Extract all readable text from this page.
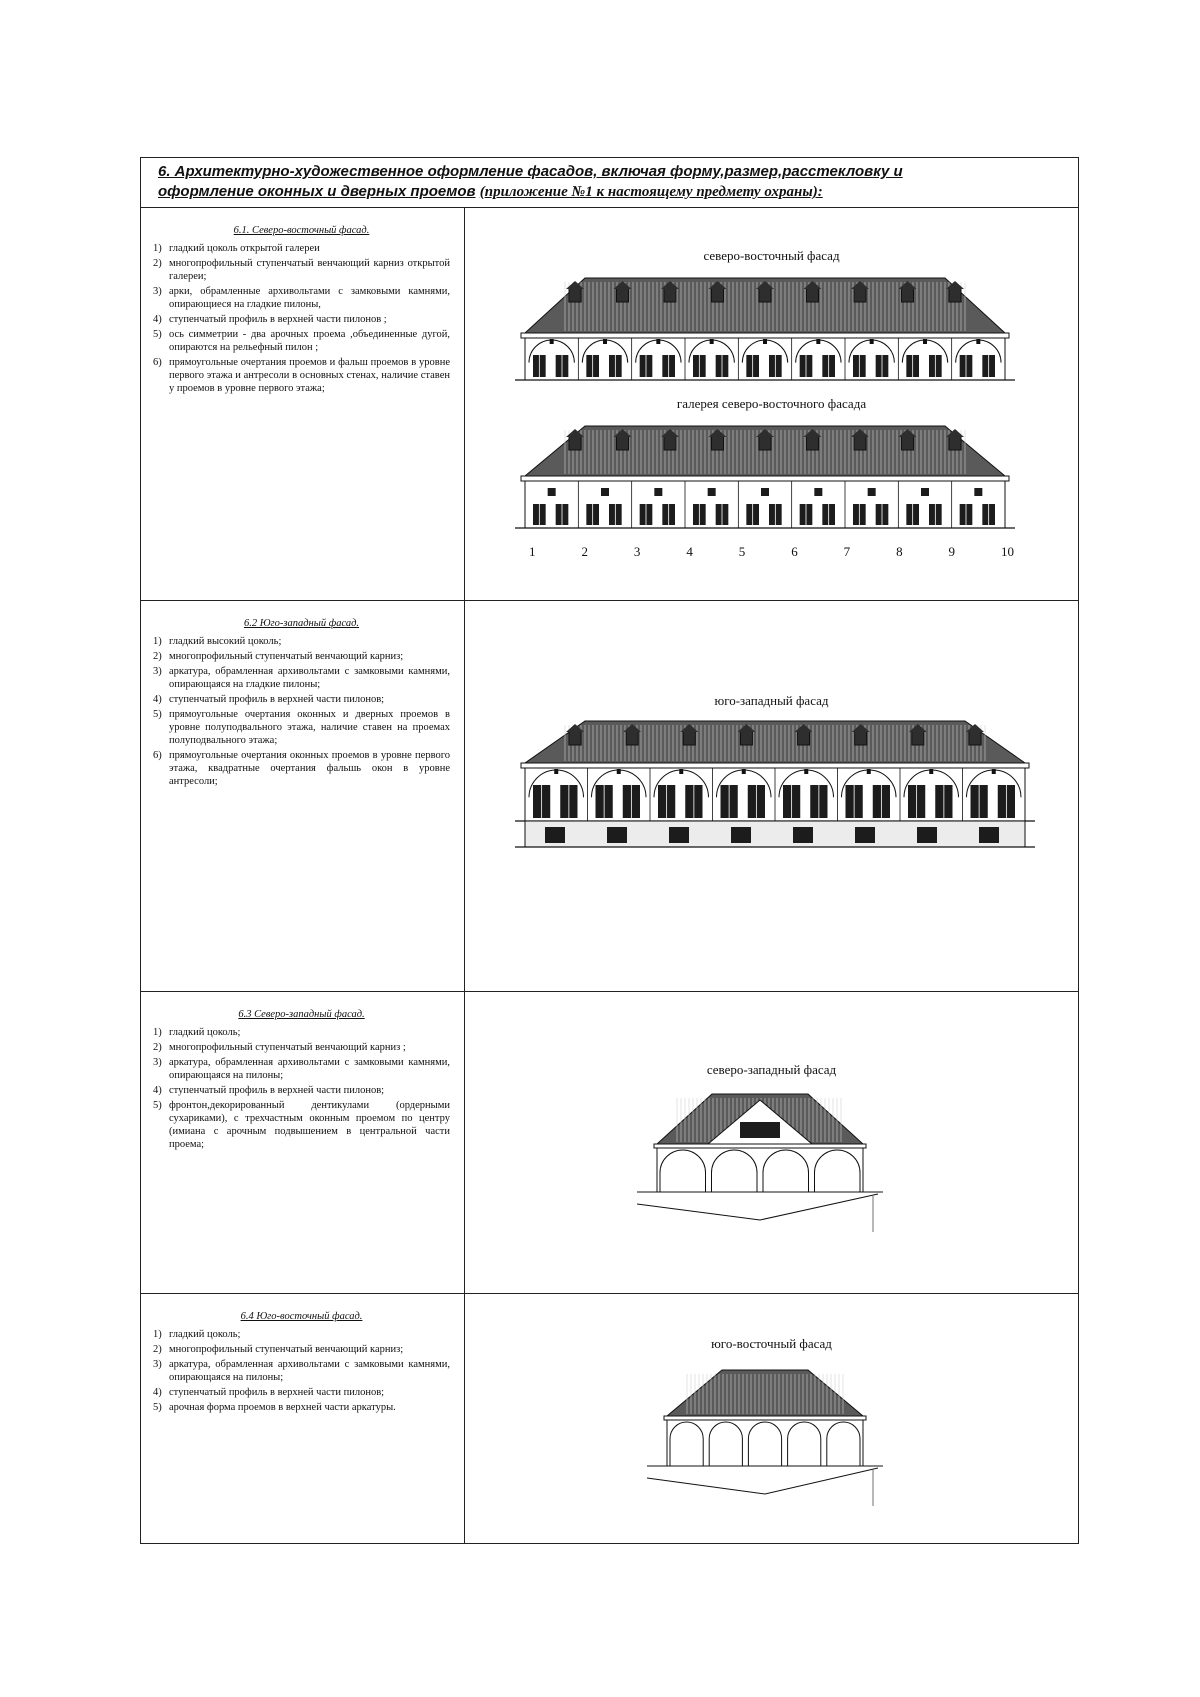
6. Архитектурно-художественное оформление фасадов, включая форму,размер,расстекловку и
оформление оконных и дверных проемов (приложение №1 к настоящему предмету охраны):
6.1. Северо-восточный фасад.
1) гладкий цоколь открытой галереи
2) многопрофильный ступенчатый венчающий карниз открытой галереи;
3) арки, обрамленные архивольтами с замковыми камнями, опирающиеся на гладкие пилоны,
4) ступенчатый профиль в верхней части пилонов ;
5) ось симметрии - два арочных проема ,объединенные дугой, опираются на рельефный пилон ;
6) прямоугольные очертания проемов и фальш проемов в уровне первого этажа и антресоли в основных стенах, наличие ставен у проемов в уровне первого этажа;
северо-восточный фасад
галерея северо-восточного фасада
1	2	3	4	5	6	7	8	9	10
6.2 Юго-западный фасад.
1) гладкий высокий цоколь;
2) многопрофильный ступенчатый венчающий карниз;
3) аркатура, обрамленная архивольтами с замковыми камнями, опирающаяся на гладкие пилоны;
4) ступенчатый профиль в верхней части пилонов;
5) прямоугольные очертания оконных и дверных проемов в уровне полуподвального этажа, наличие ставен на проемах полуподвального этажа;
6) прямоугольные очертания оконных проемов в уровне первого этажа, квадратные очертания фальшь окон в уровне антресоли;
юго-западный фасад
6.3 Северо-западный фасад.
1) гладкий цоколь;
2) многопрофильный ступенчатый венчающий карниз ;
3) аркатура, обрамленная архивольтами с замковыми камнями, опирающаяся на пилоны;
4) ступенчатый профиль в верхней части пилонов;
5) фронтон,декорированный дентикулами (ордерными сухариками), с трехчастным оконным проемом по центру (имиана с арочным подвышением в центральной части проема;
северо-западный фасад
6.4 Юго-восточный фасад.
1) гладкий цоколь;
2) многопрофильный ступенчатый венчающий карниз;
3) аркатура, обрамленная архивольтами с замковыми камнями, опирающаяся на пилоны;
4) ступенчатый профиль в верхней части пилонов;
5) арочная форма проемов в верхней части аркатуры.
юго-восточный фасад
